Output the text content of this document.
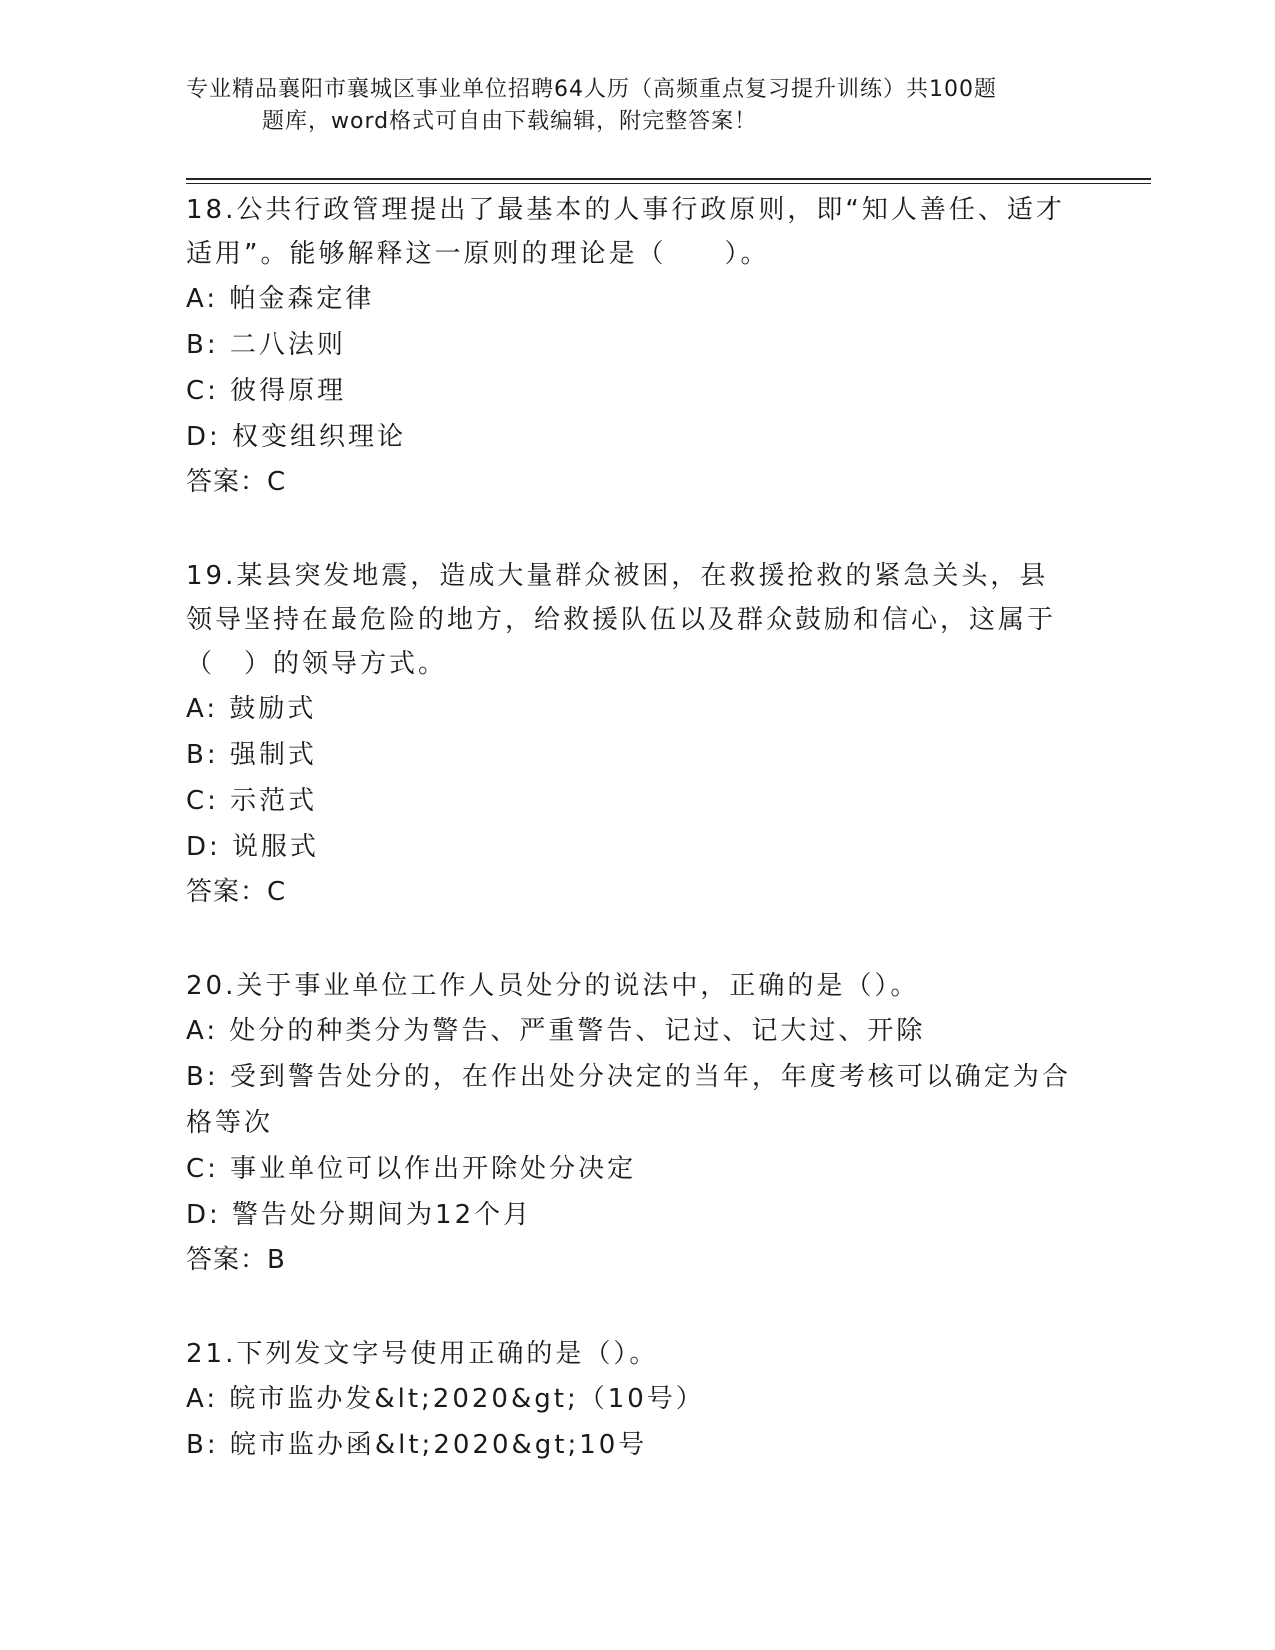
专业精品襄阳市襄城区事业单位招聘64人历（高频重点复习提升训练）共100题
题库，word格式可自由下载编辑，附完整答案！

18.公共行政管理提出了最基本的人事行政原则，即“知人善任、适才适用”。能够解释这一原则的理论是（　　）。

A: 帕金森定律

B: 二八法则

C: 彼得原理

D: 权变组织理论

答案：C

19.某县突发地震，造成大量群众被困，在救援抢救的紧急关头，县领导坚持在最危险的地方，给救援队伍以及群众鼓励和信心，这属于（　）的领导方式。

A: 鼓励式

B: 强制式

C: 示范式

D: 说服式

答案：C

20.关于事业单位工作人员处分的说法中，正确的是（）。

A: 处分的种类分为警告、严重警告、记过、记大过、开除

B: 受到警告处分的，在作出处分决定的当年，年度考核可以确定为合格等次

C: 事业单位可以作出开除处分决定

D: 警告处分期间为12个月

答案：B

21.下列发文字号使用正确的是（）。

A: 皖市监办发&lt;2020&gt;（10号）

B: 皖市监办函&lt;2020&gt;10号
